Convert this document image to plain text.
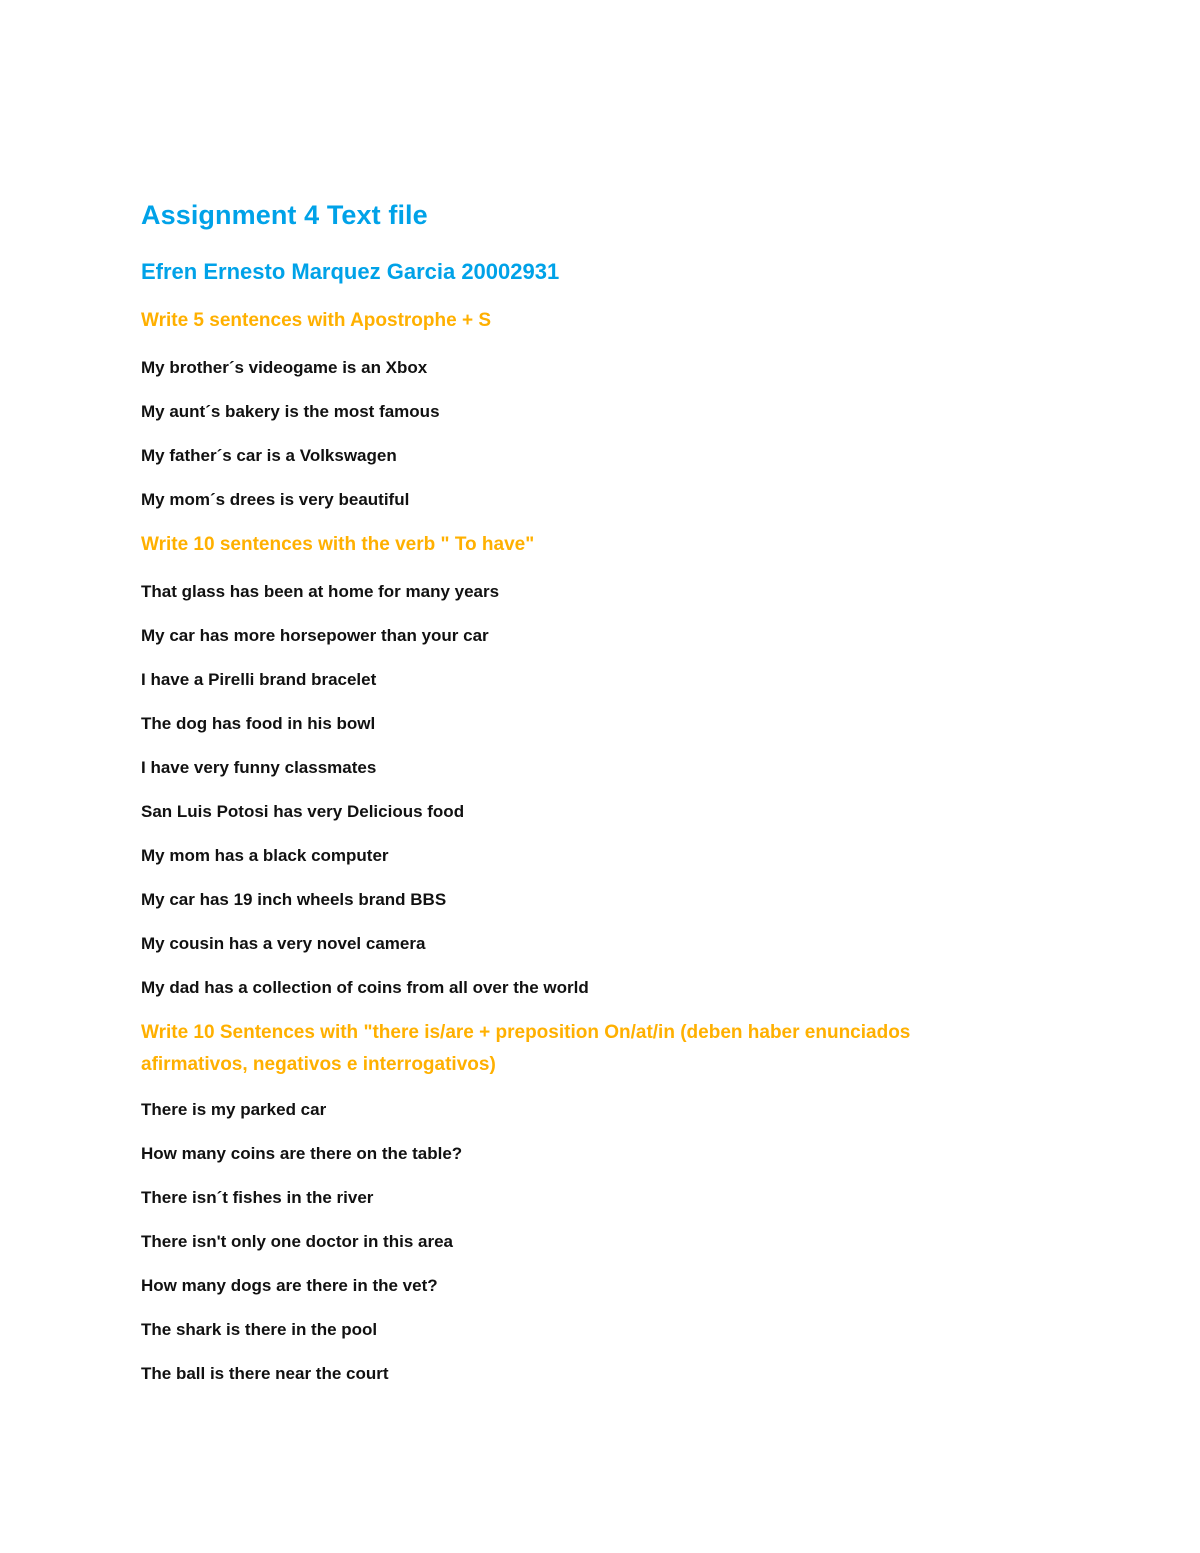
Assignment 4 Text file
Efren Ernesto Marquez Garcia 20002931
Write 5 sentences with Apostrophe + S
My brother´s videogame is an Xbox
My aunt´s bakery is the most famous
My father´s car is a Volkswagen
My mom´s drees is very beautiful
Write 10 sentences with the verb " To have"
That glass has been at home for many years
My car has more horsepower than your car
I have a Pirelli brand bracelet
The dog has food in his bowl
I have very funny classmates
San Luis Potosi has very Delicious food
My mom has a black computer
My car has 19 inch wheels brand BBS
My cousin has a very novel camera
My dad has a collection of coins from all over the world
Write 10 Sentences with "there is/are + preposition On/at/in (deben haber enunciados afirmativos, negativos e interrogativos)
There is my parked car
How many coins are there on the table?
There isn´t fishes in the river
There isn't only one doctor in this area
How many dogs are there in the vet?
The shark is there in the pool
The ball is there near the court
